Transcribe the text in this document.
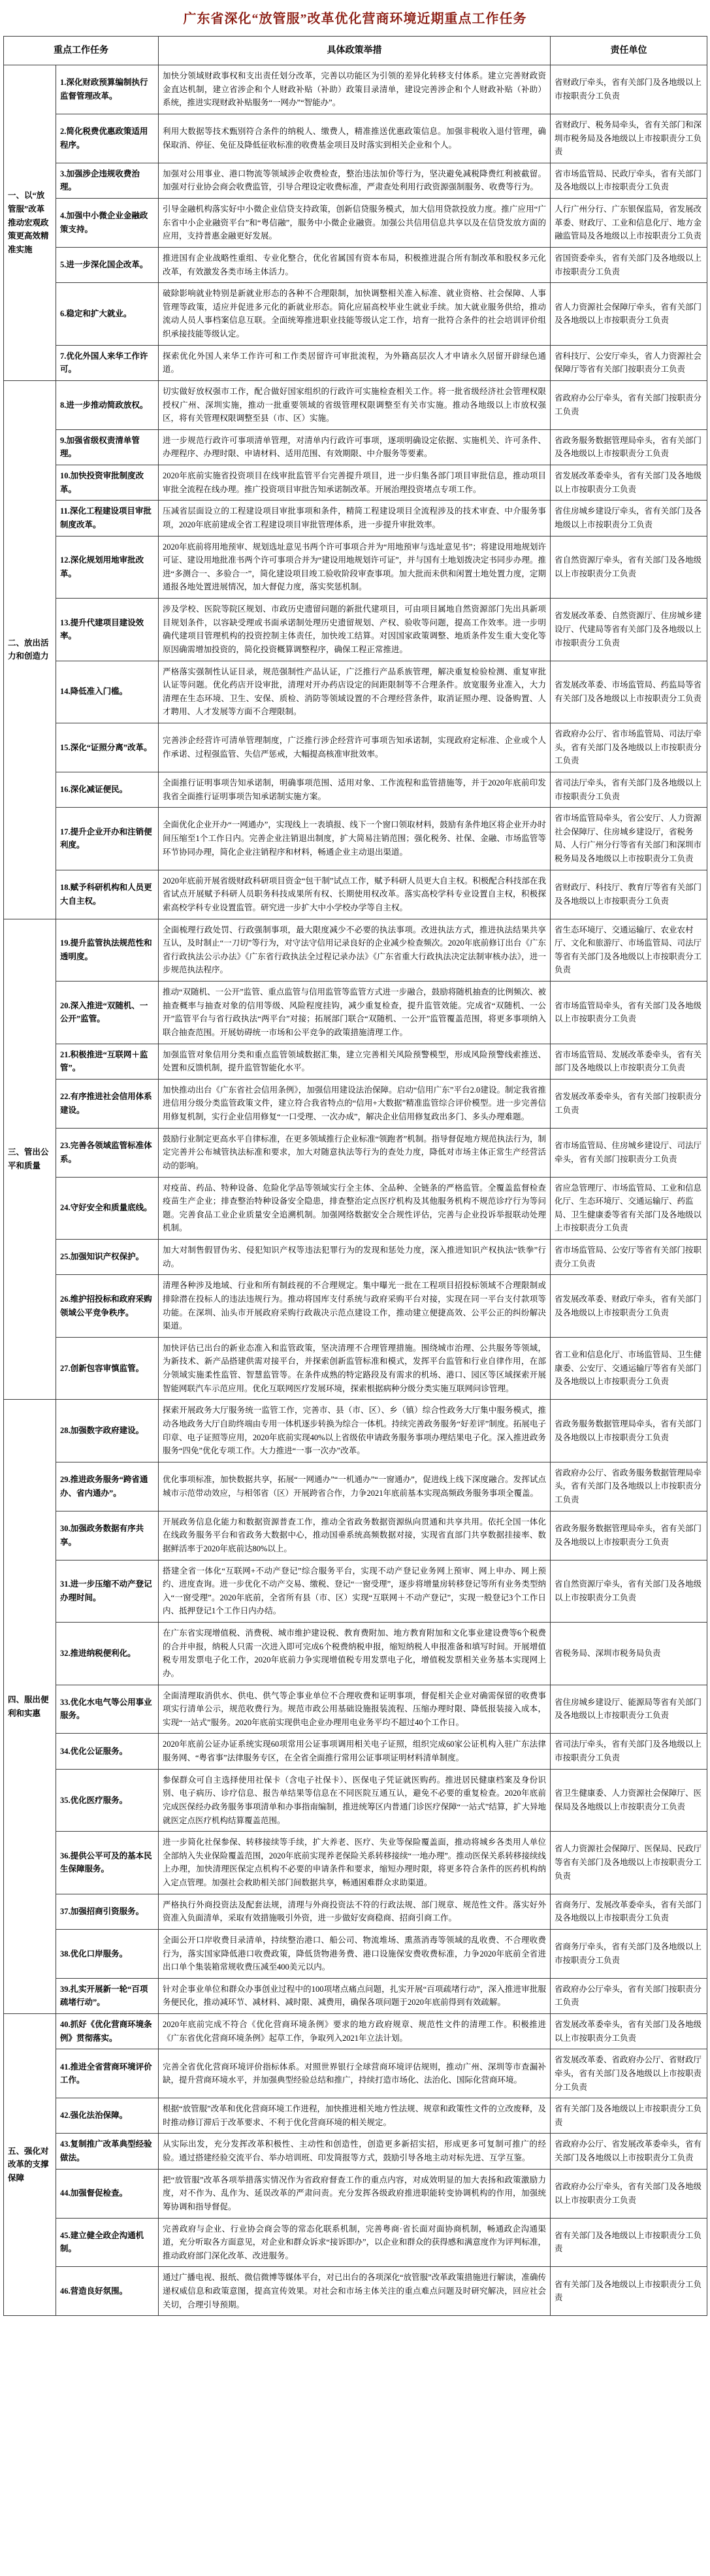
广东省深化“放管服”改革优化营商环境近期重点工作任务
重点工作任务		具体政策举措	责任单位
一、以“放管服”改革推动宏观政策更高效精准实施	1.深化财政预算编制执行监督管理改革。	加快分领域财政事权和支出责任划分改革，完善以功能区为引领的差异化转移支付体系。建立完善财政资金直达机制，建立省涉企和个人财政补贴（补助）政策目录清单，建设完善涉企和个人财政补贴（补助）系统，推进实现财政补贴服务“一网办”“智能办”。	省财政厅牵头，省有关部门及各地级以上市按职责分工负责
	2.简化税费优惠政策适用程序。	利用大数据等技术甄别符合条件的纳税人、缴费人，精准推送优惠政策信息。加强非税收入退付管理，确保取消、停征、免征及降低征收标准的收费基金项目及时落实到相关企业和个人。	省财政厅、税务局牵头，省有关部门和深圳市税务局及各地级以上市按职责分工负责
	3.加强涉企违规收费治理。	加强对公用事业、港口物流等领域涉企收费检查，整治违法加价等行为，坚决避免减税降费红利被截留。加强对行业协会商会收费监管，引导合理设定收费标准，严肃查处利用行政资源强制服务、收费等行为。	省市场监管局、民政厅牵头，省有关部门及各地级以上市按职责分工负责
	4.加强中小微企业金融政策支持。	引导金融机构落实好中小微企业信贷支持政策，创新信贷服务模式，加大信用贷款投放力度。推广应用“广东省中小企业融资平台”和“粤信融”，服务中小微企业融资。加强公共信用信息共享以及在信贷发放方面的应用，支持普惠金融更好发展。	人行广州分行、广东银保监局，省发展改革委、财政厅、工业和信息化厅、地方金融监管局及各地级以上市按职责分工负责
	5.进一步深化国企改革。	推进国有企业战略性重组、专业化整合，优化省属国有资本布局，积极推进混合所有制改革和股权多元化改革，有效激发各类市场主体活力。	省国资委牵头，省有关部门及各地级以上市按职责分工负责
	6.稳定和扩大就业。	破除影响就业特别是新就业形态的各种不合理限制，加快调整相关准入标准、就业资格、社会保障、人事管理等政策，适应并促进多元化的新就业形态。简化应届高校毕业生就业手续。加大就业服务供给，推动流动人员人事档案信息互联。全面统筹推进职业技能等级认定工作，培育一批符合条件的社会培训评价组织承接技能等级认定。	省人力资源社会保障厅牵头，省有关部门及各地级以上市按职责分工负责
	7.优化外国人来华工作许可。	探索优化外国人来华工作许可和工作类居留许可审批流程，为外籍高层次人才申请永久居留开辟绿色通道。	省科技厅、公安厅牵头，省人力资源社会保障厅等省有关部门按职责分工负责
二、放出活力和创造力	8.进一步推动简政放权。	切实做好放权强市工作，配合做好国家组织的行政许可实施检查相关工作。将一批省级经济社会管理权限授权广州、深圳实施，推动一批重要领域的省级管理权限调整至有关市实施。推动各地级以上市放权强区，将有关管理权限调整至县（市、区）实施。	省政府办公厅牵头，省有关部门按职责分工负责
	9.加强省级权责清单管理。	进一步规范行政许可事项清单管理，对清单内行政许可事项，逐项明确设定依据、实施机关、许可条件、办理程序、办理时限、申请材料、适用范围、有效期限、中介服务等要素。	省政务服务数据管理局牵头，省有关部门及各地级以上市按职责分工负责
	10.加快投资审批制度改革。	2020年底前实施省投资项目在线审批监管平台完善提升项目，进一步归集各部门项目审批信息，推动项目审批全流程在线办理。推广投资项目审批告知承诺制改革。开展治理投资堵点专项工作。	省发展改革委牵头，省有关部门及各地级以上市按职责分工负责
	11.深化工程建设项目审批制度改革。	压减省层面设立的工程建设项目审批事项和条件，精简工程建设项目全流程涉及的技术审查、中介服务事项，2020年底前建成全省工程建设项目审批管理体系，进一步提升审批效率。	省住房城乡建设厅牵头，省有关部门及各地级以上市按职责分工负责
	12.深化规划用地审批改革。	2020年底前将用地预审、规划选址意见书两个许可事项合并为“用地预审与选址意见书”；将建设用地规划许可证、建设用地批准书两个许可事项合并为“建设用地规划许可证”，并与国有土地划拨决定书同步办理。推进“多测合一、多验合一”，简化建设项目竣工验收阶段审查事项。加大批而未供和闲置土地处置力度，定期通报各地处置进展情况，加大督促力度，落实奖惩机制。	省自然资源厅牵头，省有关部门及各地级以上市按职责分工负责
	13.提升代建项目建设效率。	涉及学校、医院等院区规划、市政历史遗留问题的新批代建项目，可由项目属地自然资源部门先出具新项目规划条件，以容缺受理或书面承诺制处理历史遗留规划、产权、验收等问题，提高工作效率。进一步明确代建项目管理机构的投资控制主体责任，加快竣工结算。对因国家政策调整、地质条件发生重大变化等原因确需增加投资的，简化投资概算调整程序，确保工程正常推进。	省发展改革委、自然资源厅、住房城乡建设厅、代建局等省有关部门及各地级以上市按职责分工负责
	14.降低准入门槛。	严格落实强制性认证目录，规范强制性产品认证，广泛推行产品系族管理，解决重复检验检测、重复审批认证等问题。优化药店开设审批，清理对开办药店设定的间距限制等不合理条件。放宽服务业准入，大力清理在生态环境、卫生、安保、质检、消防等领域设置的不合理经营条件，取消证照办理、设备购置、人才聘用、人才发展等方面不合理限制。	省发展改革委、市场监管局、药监局等省有关部门及各地级以上市按职责分工负责
	15.深化“证照分离”改革。	完善涉企经营许可清单管理制度，广泛推行涉企经营许可事项告知承诺制，实现政府定标准、企业或个人作承诺、过程强监管、失信严惩戒，大幅提高核准审批效率。	省政府办公厅、省市场监管局、司法厅牵头，省有关部门及各地级以上市按职责分工负责
	16.深化减证便民。	全面推行证明事项告知承诺制，明确事项范围、适用对象、工作流程和监管措施等，并于2020年底前印发我省全面推行证明事项告知承诺制实施方案。	省司法厅牵头，省有关部门及各地级以上市按职责分工负责
	17.提升企业开办和注销便利度。	全面优化企业开办“一网通办”，实现线上一表填报、线下一个窗口领取材料，鼓励有条件地区将企业开办时间压缩至1个工作日内。完善企业注销退出制度，扩大简易注销范围；强化税务、社保、金融、市场监管等环节协同办理，简化企业注销程序和材料，畅通企业主动退出渠道。	省市场监管局牵头，省公安厅、人力资源社会保障厅、住房城乡建设厅，省税务局、人行广州分行等省有关部门和深圳市税务局及各地级以上市按职责分工负责
	18.赋予科研机构和人员更大自主权。	2020年底前开展省级财政科研项目资金“包干制”试点工作，赋予科研人员更大自主权。积极配合科技部在我省试点开展赋予科研人员职务科技成果所有权、长期使用权改革。落实高校学科专业设置自主权，积极探索高校学科专业设置监管。研究进一步扩大中小学校办学等自主权。	省财政厅、科技厅、教育厅等省有关部门及各地级以上市按职责分工负责
三、管出公平和质量	19.提升监管执法规范性和透明度。	全面梳理行政处罚、行政强制事项，最大限度减少不必要的执法事项。改进执法方式，推进执法结果共享互认，及时制止“一刀切”等行为，对守法守信用记录良好的企业减少检查频次。2020年底前修订出台《广东省行政执法公示办法》《广东省行政执法全过程记录办法》《广东省重大行政执法决定法制审核办法》，进一步规范执法程序。	省生态环境厅、交通运输厅、农业农村厅、文化和旅游厅、市场监管局、司法厅等省有关部门及各地级以上市按职责分工负责
	20.深入推进“双随机、一公开”监管。	推动“双随机、一公开”监管、重点监管与信用监管等监管方式进一步融合，鼓励将随机抽查的比例频次、被抽查概率与抽查对象的信用等级、风险程度挂钩，减少重复检查，提升监管效能。完成省“双随机、一公开”监管平台与省行政执法“两平台”对接；拓展部门联合“双随机、一公开”监管覆盖范围，将更多事项纳入联合抽查范围。开展妨碍统一市场和公平竞争的政策措施清理工作。	省市场监管局牵头，省有关部门及各地级以上市按职责分工负责
	21.积极推进“互联网＋监管”。	加强监管对象信用分类和重点监管领域数据汇集，建立完善相关风险预警模型，形成风险预警线索推送、处置和反馈机制，提升监管智能化水平。	省市场监管局、发展改革委牵头，省有关部门及各地级以上市按职责分工负责
	22.有序推进社会信用体系建设。	加快推动出台《广东省社会信用条例》，加强信用建设法治保障。启动“信用广东”平台2.0建设。制定我省推进信用分级分类监管政策文件，建立符合我省特点的“信用+大数据”精准监管综合评价模型。进一步完善信用修复机制，实行企业信用修复“一口受理、一次办成”，解决企业信用修复政出多门、多头办理难题。	省发展改革委牵头，省有关部门按职责分工负责
	23.完善各领域监管标准体系。	鼓励行业制定更高水平自律标准，在更多领域推行企业标准“领跑者”机制。指导督促地方规范执法行为，制定完善并公布城管执法标准和要求，加大对随意执法等行为的查处力度，降低对市场主体正常生产经营活动的影响。	省市场监管局、住房城乡建设厅、司法厅牵头，省有关部门按职责分工负责
	24.守好安全和质量底线。	对疫苗、药品、特种设备、危险化学品等领域实行全主体、全品种、全链条的严格监管。全覆盖监督检查疫苗生产企业；排查整治特种设备安全隐患，排查整治定点医疗机构及其他服务机构不规范诊疗行为等问题。完善食品工业企业质量安全追溯机制。加强网络数据安全合规性评估，完善与企业投诉举报联动处理机制。	省应急管理厅、市场监管局、工业和信息化厅、生态环境厅、交通运输厅、药监局、卫生健康委等省有关部门及各地级以上市按职责分工负责
	25.加强知识产权保护。	加大对制售假冒伪劣、侵犯知识产权等违法犯罪行为的发现和惩处力度，深入推进知识产权执法“铁拳”行动。	省市场监管局、公安厅等省有关部门按职责分工负责
	26.维护招投标和政府采购领域公平竞争秩序。	清理各种涉及地域、行业和所有制歧视的不合理规定。集中曝光一批在工程项目招投标领域不合理限制或排除潜在投标人的违法违规行为。推动将国库支付系统与政府采购平台对接，实现在同一平台支付款项等功能。在深圳、汕头市开展政府采购行政裁决示范点建设工作，推动建立便捷高效、公平公正的纠纷解决渠道。	省发展改革委、财政厅牵头，省有关部门及各地级以上市按职责分工负责
	27.创新包容审慎监管。	加快评估已出台的新业态准入和监管政策，坚决清理不合理管理措施。围绕城市治理、公共服务等领域，为新技术、新产品搭建供需对接平台，并探索创新监管标准和模式，发挥平台监管和行业自律作用，在部分领域实施柔性监管、智慧监管等。在条件成熟的特定路段及有需求的机场、港口、园区等区域探索开展智能网联汽车示范应用。优化互联网医疗发展环境，探索根据病种分级分类实施互联网问诊管理。	省工业和信息化厅、市场监管局、卫生健康委、公安厅、交通运输厅等省有关部门及各地级以上市按职责分工负责
四、服出便利和实惠	28.加强数字政府建设。	探索开展政务大厅服务统一监管工作，完善市、县（市、区）、乡（镇）综合性政务大厅集中服务模式，推动各地政务大厅自助终端由专用一体机逐步转换为综合一体机。持续完善政务服务“好差评”制度。拓展电子印章、电子证照等应用，2020年底前实现40%以上省级依申请政务服务事项办理结果电子化。深入推进政务服务“四免”优化专项工作。大力推进“一事一次办”改革。	省政务服务数据管理局牵头，省有关部门及各地级以上市按职责分工负责
	29.推进政务服务“跨省通办、省内通办”。	优化事项标准，加快数据共享，拓展“一网通办”“一机通办”“一窗通办”，促进线上线下深度融合。发挥试点城市示范带动效应，与相邻省（区）开展跨省合作，力争2021年底前基本实现高频政务服务事项全覆盖。	省政府办公厅、省政务服务数据管理局牵头，省有关部门及各地级以上市按职责分工负责
	30.加强政务数据有序共享。	开展政务信息化能力和数据资源普查工作，推动全省政务数据资源纵向贯通和共享共用。依托全国一体化在线政务服务平台和省政务大数据中心，推动国垂系统高频数据对接，实现省直部门共享数据挂接率、数据鲜活率于2020年底前达80%以上。	省政务服务数据管理局牵头，省有关部门及各地级以上市按职责分工负责
	31.进一步压缩不动产登记办理时间。	搭建全省一体化“互联网+不动产登记”综合服务平台，实现不动产登记业务网上预审、网上申办、网上预约、进度查询。进一步优化不动产交易、缴税、登记“一窗受理”，逐步将增量房转移登记等所有业务类型纳入“一窗受理”。2020年底前，全省所有县（市、区）实现“互联网＋不动产登记”，实现一般登记3个工作日内、抵押登记1个工作日内办结。	省自然资源厅牵头，省有关部门及各地级以上市按职责分工负责
	32.推进纳税便利化。	在广东省实现增值税、消费税、城市维护建设税、教育费附加、地方教育附加和文化事业建设费等6个税费的合并申报，纳税人只需一次进入即可完成6个税费纳税申报，缩短纳税人申报准备和填写时间。开展增值税专用发票电子化工作，2020年底前力争实现增值税专用发票电子化，增值税发票相关业务基本实现网上办。	省税务局、深圳市税务局负责
	33.优化水电气等公用事业服务。	全面清理取消供水、供电、供气等企事业单位不合理收费和证明事项，督促相关企业对确需保留的收费事项实行清单公示，规范收费行为。规范市政公用基础设施报装流程、压缩办理时限、降低报装接入成本，实现“一站式”服务。2020年底前实现供电企业办理用电业务平均不超过40个工作日。	省住房城乡建设厅、能源局等省有关部门及各地级以上市按职责分工负责
	34.优化公证服务。	2020年底前公证办证系统实现60项常用公证事项调用相关电子证照，组织完成60家公证机构入驻广东法律服务网、“粤省事”法律服务专区，在全省全面推行常用公证事项证明材料清单制度。	省司法厅牵头，省有关部门及各地级以上市按职责分工负责
	35.优化医疗服务。	参保群众可自主选择使用社保卡（含电子社保卡）、医保电子凭证就医购药。推进居民健康档案及身份识别、电子病历、诊疗信息、报告单结果等信息在不同医院互通互认，避免不必要的重复检查。2020年底前完成医保经办政务服务事项清单和办事指南编制，推进统筹区内普通门诊医疗保障“一站式”结算，扩大异地就医定点医疗机构结算覆盖范围。	省卫生健康委、人力资源社会保障厅、医保局及各地级以上市按职责分工负责
	36.提供公平可及的基本民生保障服务。	进一步简化社保参保、转移接续等手续，扩大养老、医疗、失业等保险覆盖面，推动将城乡各类用人单位全部纳入失业保险覆盖范围，2020年底前实现养老保险关系转移接续“一地办理”。推动医保关系转移接续线上办理，加快清理医保定点机构不必要的申请条件和要求，缩短办理时限，将更多符合条件的医药机构纳入定点管理。加强社会救助相关部门间数据共享，畅通困难群众求助渠道。	省人力资源社会保障厅、医保局、民政厅等省有关部门及各地级以上市按职责分工负责
	37.加强招商引资服务。	严格执行外商投资法及配套法规，清理与外商投资法不符的行政法规、部门规章、规范性文件。落实好外资准入负面清单，采取有效措施吸引外资，进一步做好安商稳商、招商引商工作。	省商务厅、发展改革委牵头，省有关部门及各地级以上市按职责分工负责
	38.优化口岸服务。	全面公开口岸收费目录清单，持续整治港口、船公司、物流堆场、熏蒸消毒等领域的乱收费、不合理收费行为，落实国家降低港口收费政策，降低货物港务费、港口设施保安费收费标准，力争2020年底前全省进出口单个集装箱常规收费压减至400美元以内。	省商务厅牵头，省有关部门及各地级以上市按职责分工负责
	39.扎实开展新一轮“百项疏堵行动”。	针对企事业单位和群众办事创业过程中的100项堵点痛点问题，扎实开展“百项疏堵行动”，深入推进审批服务便民化，推动减环节、减材料、减时限、减费用，确保各项问题于2020年底前得到有效疏解。	省政府办公厅牵头，省有关部门按职责分工负责
五、强化对改革的支撑保障	40.抓好《优化营商环境条例》贯彻落实。	2020年底前完成不符合《优化营商环境条例》要求的地方政府规章、规范性文件的清理工作。积极推进《广东省优化营商环境条例》起草工作，争取列入2021年立法计划。	省发展改革委牵头，省有关部门及各地级以上市按职责分工负责
	41.推进全省营商环境评价工作。	完善全省优化营商环境评价指标体系。对照世界银行全球营商环境评估规则，推动广州、深圳等市查漏补缺，提升营商环境水平，并加强典型经验总结和推广，持续打造市场化、法治化、国际化营商环境。	省发展改革委、省政府办公厅、省财政厅牵头，省有关部门及各地级以上市按职责分工负责
	42.强化法治保障。	根据“放管服”改革和优化营商环境工作进程，加快推进相关地方性法规、规章和政策性文件的立改废释，及时推动修订滞后于改革要求、不利于优化营商环境的相关规定。	省有关部门及各地级以上市按职责分工负责
	43.复制推广改革典型经验做法。	从实际出发，充分发挥改革积极性、主动性和创造性，创造更多新招实招，形成更多可复制可推广的经验。通过搭建经验交流平台、举办培训班、印发简报等方式，鼓励引导各地主动对标先进、互学互鉴。	省政府办公厅、省发展改革委牵头，省有关部门及各地级以上市按职责分工负责
	44.加强督促检查。	把“放管服”改革各项举措落实情况作为省政府督查工作的重点内容，对成效明显的加大表扬和政策激励力度，对不作为、乱作为、延误改革的严肃问责。充分发挥各级政府推进职能转变协调机构的作用，加强统筹协调和指导督促。	省政府办公厅牵头，省有关部门及各地级以上市按职责分工负责
	45.建立健全政企沟通机制。	完善政府与企业、行业协会商会等的常态化联系机制，完善粤商·省长面对面协商机制，畅通政企沟通渠道，充分听取各方面意见，对企业和群众诉求“接诉即办”，以企业和群众的获得感和满意度作为评判标准，推动政府部门深化改革、改进服务。	省有关部门及各地级以上市按职责分工负责
	46.营造良好氛围。	通过广播电视、报纸、微信微博等媒体平台，对已出台的各项深化“放管服”改革政策措施进行解读，准确传递权威信息和政策意图，提高宣传效果。对社会和市场主体关注的重点难点问题及时研究解决，回应社会关切，合理引导预期。	省有关部门及各地级以上市按职责分工负责
